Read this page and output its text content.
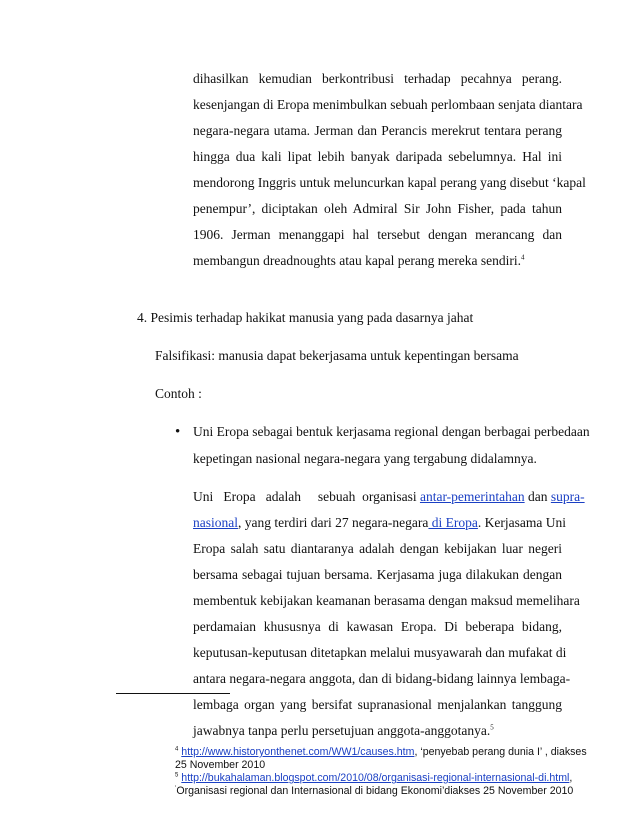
dihasilkan kemudian berkontribusi terhadap pecahnya perang.
kesenjangan di Eropa menimbulkan sebuah perlombaan senjata diantara
negara-negara utama. Jerman dan Perancis merekrut tentara perang
hingga dua kali lipat lebih banyak daripada sebelumnya. Hal ini
mendorong Inggris untuk meluncurkan kapal perang yang disebut ‘kapal
penempur’, diciptakan oleh Admiral Sir John Fisher, pada tahun
1906. Jerman menanggapi hal tersebut dengan merancang dan
membangun dreadnoughts atau kapal perang mereka sendiri.$^4$
4. Pesimis terhadap hakikat manusia yang pada dasarnya jahat
Falsifikasi: manusia dapat bekerjasama untuk kepentingan bersama
Contoh :
• Uni Eropa sebagai bentuk kerjasama regional dengan berbagai perbedaan
kepetingan nasional negara-negara yang tergabung didalamnya.
Uni   Eropa   adalah     sebuah  organisasi antar-pemerintahan dan supra-
nasional, yang terdiri dari 27 negara-negara di Eropa. Kerjasama Uni
Eropa salah satu diantaranya adalah dengan kebijakan luar negeri
bersama sebagai tujuan bersama. Kerjasama juga dilakukan dengan
membentuk kebijakan keamanan berasama dengan maksud memelihara
perdamaian khususnya di kawasan Eropa. Di beberapa bidang,
keputusan-keputusan ditetapkan melalui musyawarah dan mufakat di
antara negara-negara anggota, dan di bidang-bidang lainnya lembaga-
lembaga organ yang bersifat supranasional menjalankan tanggung
jawabnya tanpa perlu persetujuan anggota-anggotanya.$^5$
$^4$ http://www.historyonthenet.com/WW1/causes.htm, ‘penyebab perang dunia I’ , diakses
25 November 2010
$^5$ http://bukahalaman.blogspot.com/2010/08/organisasi-regional-internasional-di.html,
‘Organisasi regional dan Internasional di bidang Ekonomi’diakses 25 November 2010
